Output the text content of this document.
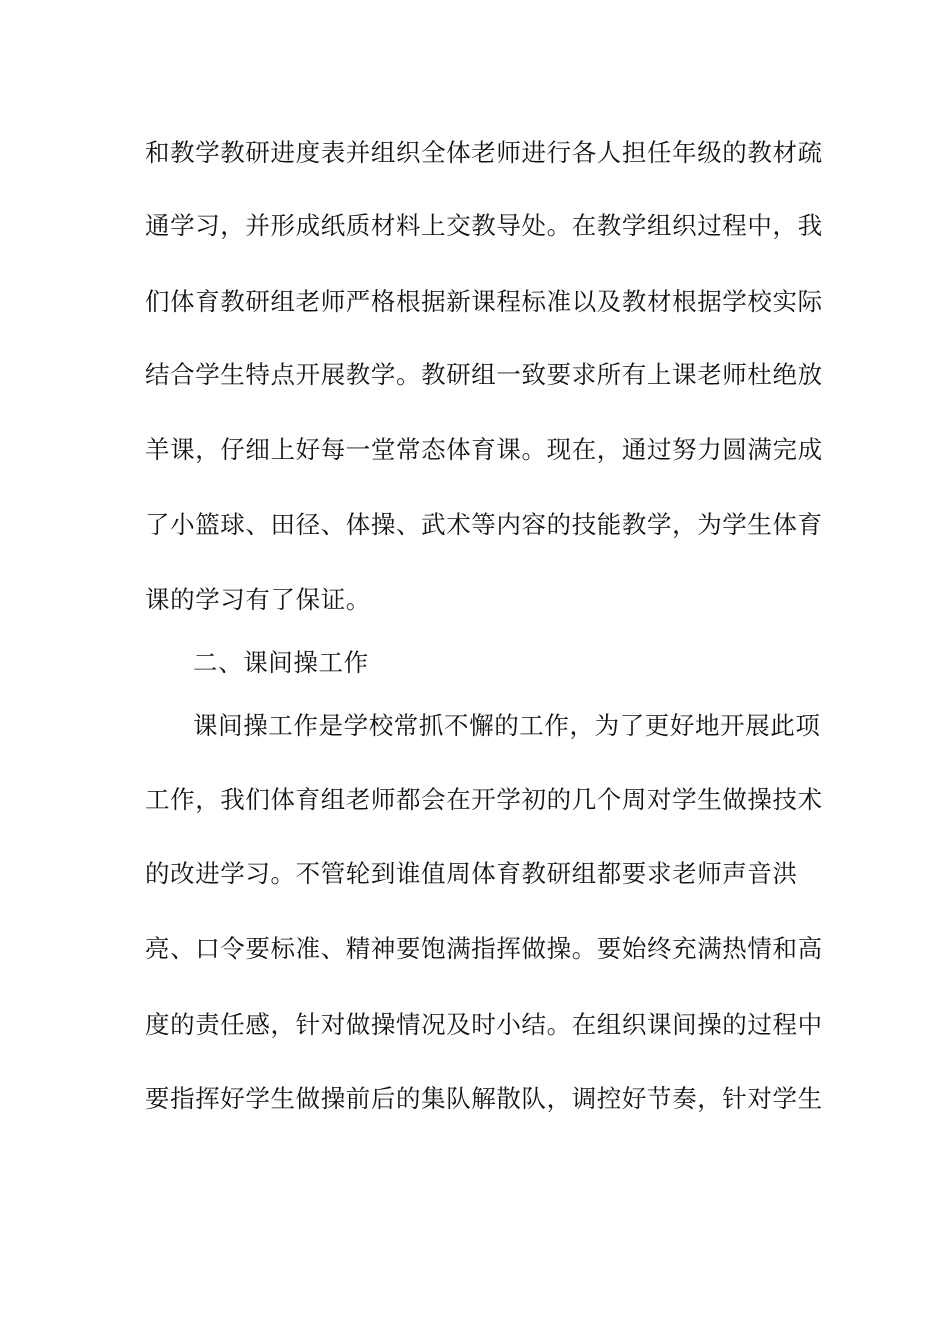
和教学教研进度表并组织全体老师进行各人担任年级的教材疏
通学习，并形成纸质材料上交教导处。在教学组织过程中，我
们体育教研组老师严格根据新课程标准以及教材根据学校实际
结合学生特点开展教学。教研组一致要求所有上课老师杜绝放
羊课，仔细上好每一堂常态体育课。现在，通过努力圆满完成
了小篮球、田径、体操、武术等内容的技能教学，为学生体育
课的学习有了保证。
二、课间操工作
课间操工作是学校常抓不懈的工作，为了更好地开展此项
工作，我们体育组老师都会在开学初的几个周对学生做操技术
的改进学习。不管轮到谁值周体育教研组都要求老师声音洪
亮、口令要标准、精神要饱满指挥做操。要始终充满热情和高
度的责任感，针对做操情况及时小结。在组织课间操的过程中
要指挥好学生做操前后的集队解散队，调控好节奏，针对学生
